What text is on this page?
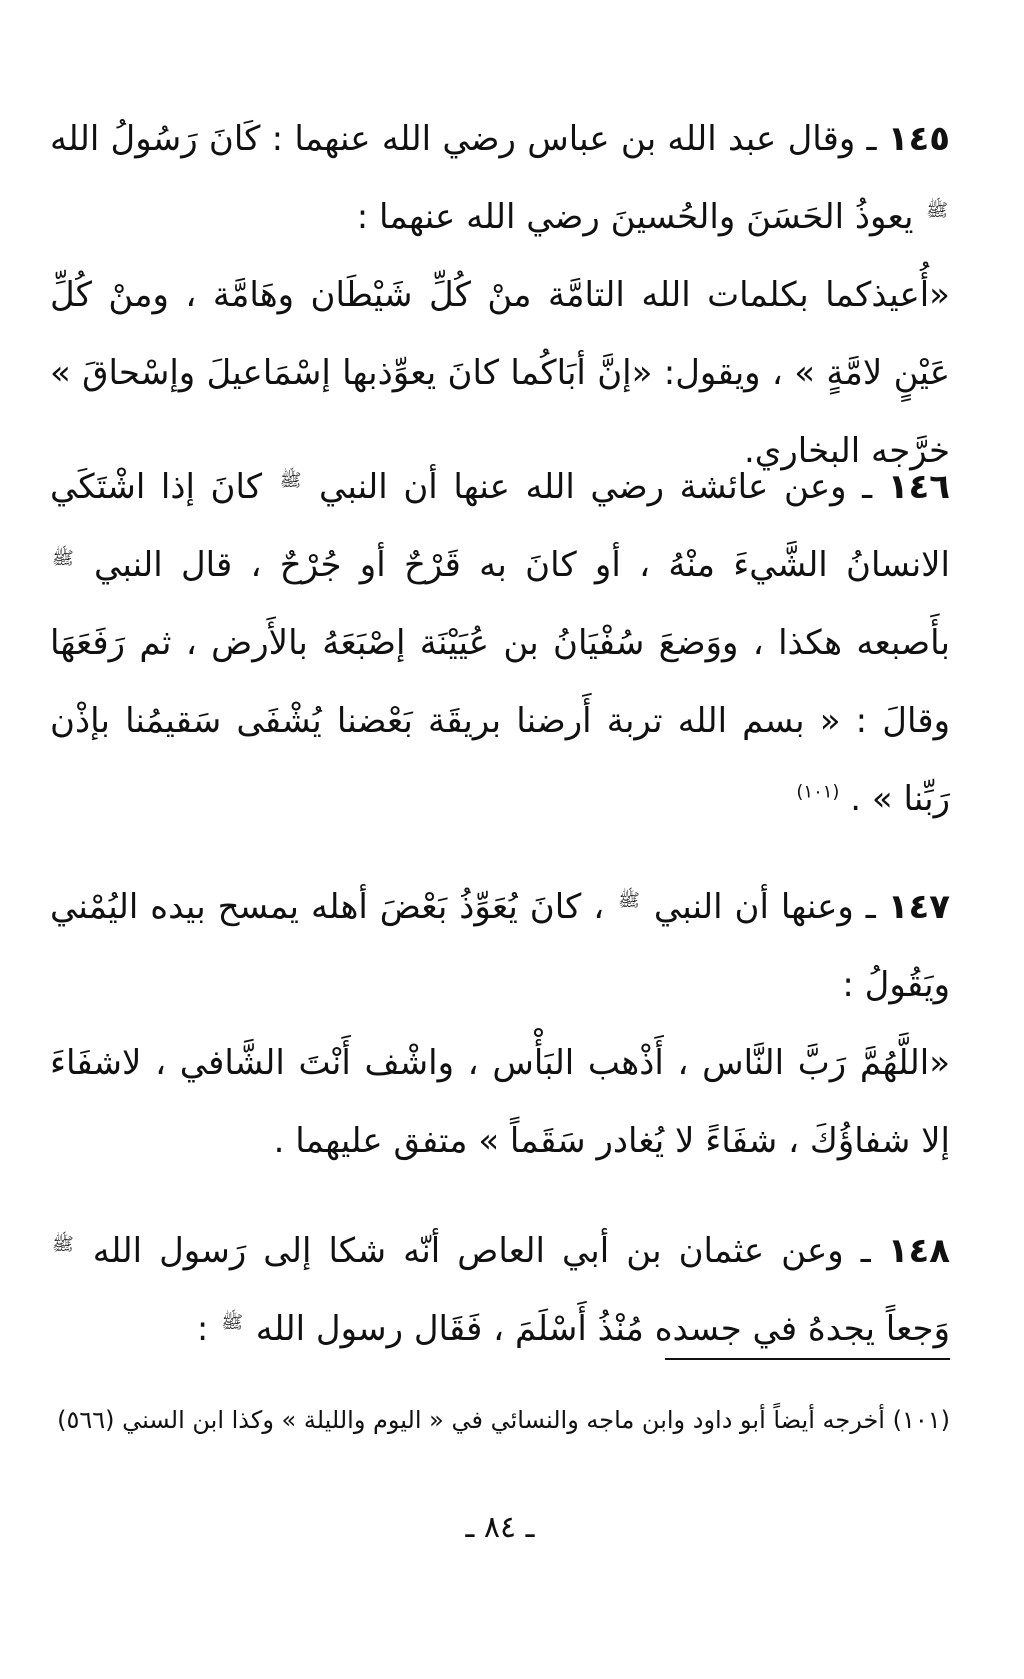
١٤٥ ـ وقال عبد الله بن عباس رضي الله عنهما : كَانَ رَسُولُ الله $^ﷺ$ يعوذُ الحَسَنَ والحُسينَ رضي الله عنهما :

«أُعيذكما بكلمات الله التامَّة منْ كُلِّ شَيْطَان وهَامَّة ، ومنْ كُلِّ عَيْنٍ لامَّةٍ » ، ويقول: «إنَّ أبَاكُما كانَ يعوِّذبها إسْمَاعيلَ وإسْحاقَ » خرَّجه البخاري.

١٤٦ ـ وعن عائشة رضي الله عنها أن النبي $^ﷺ$ كانَ إذا اشْتَكَي الانسانُ الشَّيءَ منْهُ ، أو كانَ به قَرْحٌ أو جُرْحٌ ، قال النبي $^ﷺ$ بأَصبعه هكذا ، ووَضعَ سُفْيَانُ بن عُيَيْنَة إصْبَعَهُ بالأَرض ، ثم رَفَعَهَا وقالَ : « بسم الله تربة أَرضنا بريقَة بَعْضنا يُشْفَى سَقيمُنا بإذْن رَبِّنا » . $^{(١٠١)}$

١٤٧ ـ وعنها أن النبي $^ﷺ$ ، كانَ يُعَوِّذُ بَعْضَ أهله يمسح بيده اليُمْني ويَقُولُ :

«اللَّهُمَّ رَبَّ النَّاس ، أَذْهب البَأْس ، واشْف أَنْتَ الشَّافي ، لاشفَاءَ إلا شفاؤُكَ ، شفَاءً لا يُغادر سَقَماً » متفق عليهما .

١٤٨ ـ وعن عثمان بن أبي العاص أنّه شكا إلى رَسول الله $^ﷺ$ وَجعاً يجدهُ في جسده مُنْذُ أَسْلَمَ ، فَقَال رسول الله $^ﷺ$ :

(١٠١) أخرجه أيضاً أبو داود وابن ماجه والنسائي في « اليوم والليلة » وكذا ابن السني (٥٦٦)

ـ ٨٤ ـ
